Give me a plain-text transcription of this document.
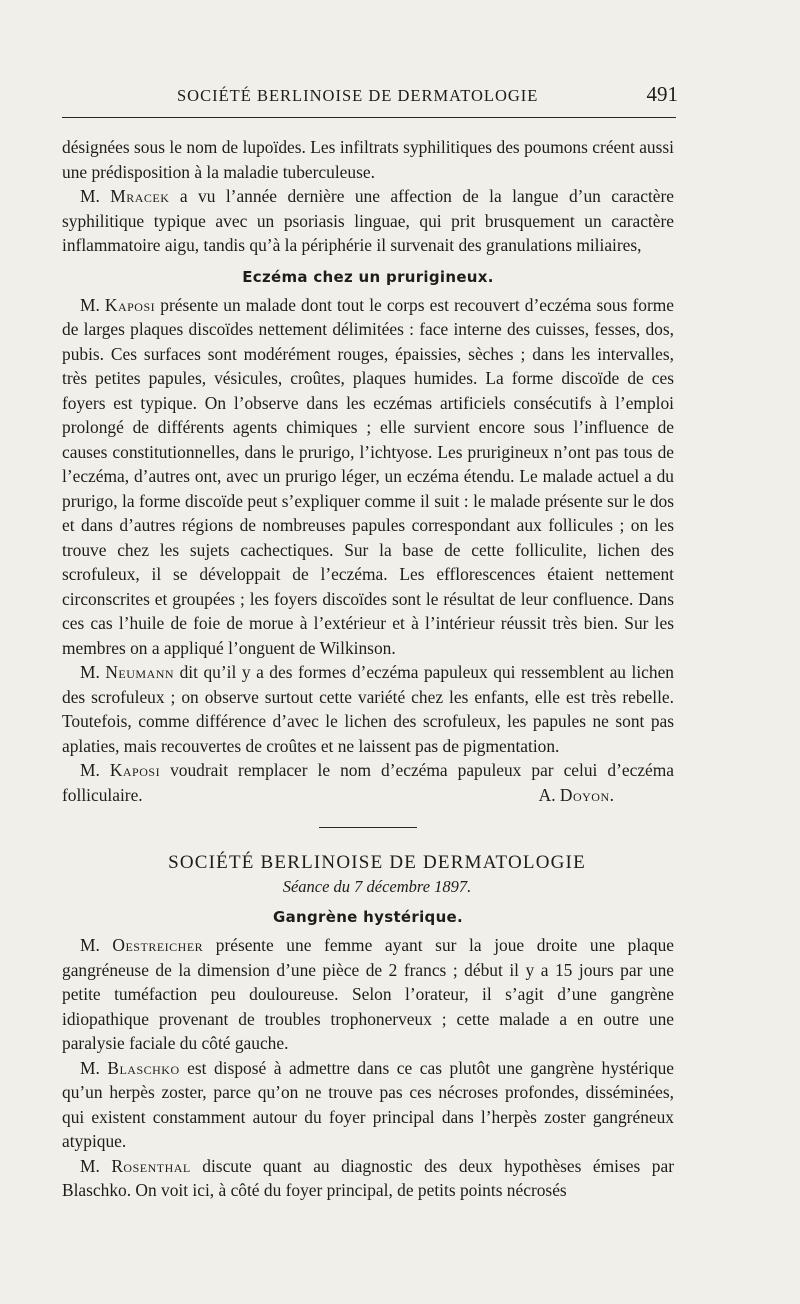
SOCIÉTÉ BERLINOISE DE DERMATOLOGIE	491

désignées sous le nom de lupoïdes. Les infiltrats syphilitiques des poumons créent aussi une prédisposition à la maladie tuberculeuse.

M. Mracek a vu l’année dernière une affection de la langue d’un caractère syphilitique typique avec un psoriasis linguae, qui prit brusquement un caractère inflammatoire aigu, tandis qu’à la périphérie il survenait des granulations miliaires,

Eczéma chez un prurigineux.

M. Kaposi présente un malade dont tout le corps est recouvert d’eczéma sous forme de larges plaques discoïdes nettement délimitées : face interne des cuisses, fesses, dos, pubis. Ces surfaces sont modérément rouges, épaissies, sèches ; dans les intervalles, très petites papules, vésicules, croûtes, plaques humides. La forme discoïde de ces foyers est typique. On l’observe dans les eczémas artificiels consécutifs à l’emploi prolongé de différents agents chimiques ; elle survient encore sous l’influence de causes constitutionnelles, dans le prurigo, l’ichtyose. Les prurigineux n’ont pas tous de l’eczéma, d’autres ont, avec un prurigo léger, un eczéma étendu. Le malade actuel a du prurigo, la forme discoïde peut s’expliquer comme il suit : le malade présente sur le dos et dans d’autres régions de nombreuses papules correspondant aux follicules ; on les trouve chez les sujets cachectiques. Sur la base de cette folliculite, lichen des scrofuleux, il se développait de l’eczéma. Les efflorescences étaient nettement circonscrites et groupées ; les foyers discoïdes sont le résultat de leur confluence. Dans ces cas l’huile de foie de morue à l’extérieur et à l’intérieur réussit très bien. Sur les membres on a appliqué l’onguent de Wilkinson.

M. Neumann dit qu’il y a des formes d’eczéma papuleux qui ressemblent au lichen des scrofuleux ; on observe surtout cette variété chez les enfants, elle est très rebelle. Toutefois, comme différence d’avec le lichen des scrofuleux, les papules ne sont pas aplaties, mais recouvertes de croûtes et ne laissent pas de pigmentation.

M. Kaposi voudrait remplacer le nom d’eczéma papuleux par celui d’eczéma folliculaire.	A. Doyon.

SOCIÉTÉ BERLINOISE DE DERMATOLOGIE

Séance du 7 décembre 1897.

Gangrène hystérique.

M. Oestreicher présente une femme ayant sur la joue droite une plaque gangréneuse de la dimension d’une pièce de 2 francs ; début il y a 15 jours par une petite tuméfaction peu douloureuse. Selon l’orateur, il s’agit d’une gangrène idiopathique provenant de troubles trophonerveux ; cette malade a en outre une paralysie faciale du côté gauche.

M. Blaschko est disposé à admettre dans ce cas plutôt une gangrène hystérique qu’un herpès zoster, parce qu’on ne trouve pas ces nécroses profondes, disséminées, qui existent constamment autour du foyer principal dans l’herpès zoster gangréneux atypique.

M. Rosenthal discute quant au diagnostic des deux hypothèses émises par Blaschko. On voit ici, à côté du foyer principal, de petits points nécrosés
